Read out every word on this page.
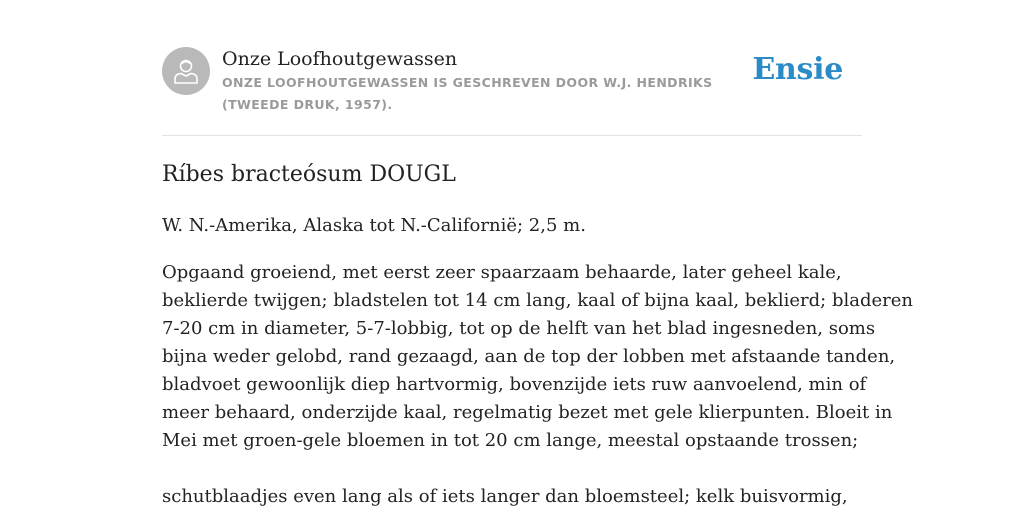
Onze Loofhoutgewassen
ONZE LOOFHOUTGEWASSEN IS GESCHREVEN DOOR W.J. HENDRIKS (TWEEDE DRUK, 1957).
Ensie
Ríbes bracteósum DOUGL

W. N.-Amerika, Alaska tot N.-Californië; 2,5 m.

Opgaand groeiend, met eerst zeer spaarzaam behaarde, later geheel kale,
beklierde twijgen; bladstelen tot 14 cm lang, kaal of bijna kaal, beklierd; bladeren
7-20 cm in diameter, 5-7-lobbig, tot op de helft van het blad ingesneden, soms
bijna weder gelobd, rand gezaagd, aan de top der lobben met afstaande tanden,
bladvoet gewoonlijk diep hartvormig, bovenzijde iets ruw aanvoelend, min of
meer behaard, onderzijde kaal, regelmatig bezet met gele klierpunten. Bloeit in
Mei met groen-gele bloemen in tot 20 cm lange, meestal opstaande trossen;

schutblaadjes even lang als of iets langer dan bloemsteel; kelk buisvormig,
